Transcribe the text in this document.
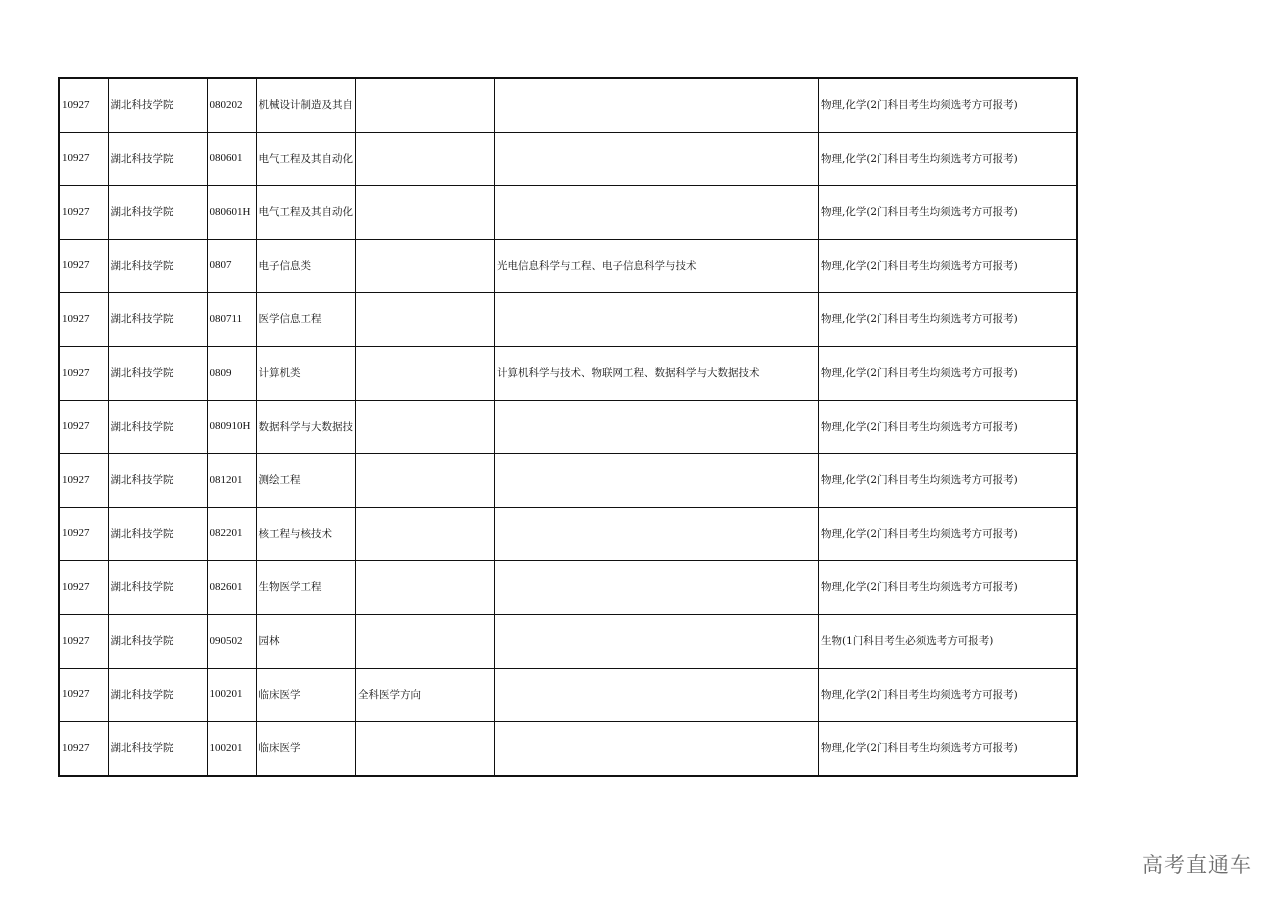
10927	湖北科技学院	080202	机械设计制造及其自			物理,化学(2门科目考生均须选考方可报考)
10927	湖北科技学院	080601	电气工程及其自动化			物理,化学(2门科目考生均须选考方可报考)
10927	湖北科技学院	080601H	电气工程及其自动化			物理,化学(2门科目考生均须选考方可报考)
10927	湖北科技学院	0807	电子信息类		光电信息科学与工程、电子信息科学与技术	物理,化学(2门科目考生均须选考方可报考)
10927	湖北科技学院	080711	医学信息工程			物理,化学(2门科目考生均须选考方可报考)
10927	湖北科技学院	0809	计算机类		计算机科学与技术、物联网工程、数据科学与大数据技术	物理,化学(2门科目考生均须选考方可报考)
10927	湖北科技学院	080910H	数据科学与大数据技			物理,化学(2门科目考生均须选考方可报考)
10927	湖北科技学院	081201	测绘工程			物理,化学(2门科目考生均须选考方可报考)
10927	湖北科技学院	082201	核工程与核技术			物理,化学(2门科目考生均须选考方可报考)
10927	湖北科技学院	082601	生物医学工程			物理,化学(2门科目考生均须选考方可报考)
10927	湖北科技学院	090502	园林			生物(1门科目考生必须选考方可报考)
10927	湖北科技学院	100201	临床医学	全科医学方向		物理,化学(2门科目考生均须选考方可报考)
10927	湖北科技学院	100201	临床医学			物理,化学(2门科目考生均须选考方可报考)
高考直通车
